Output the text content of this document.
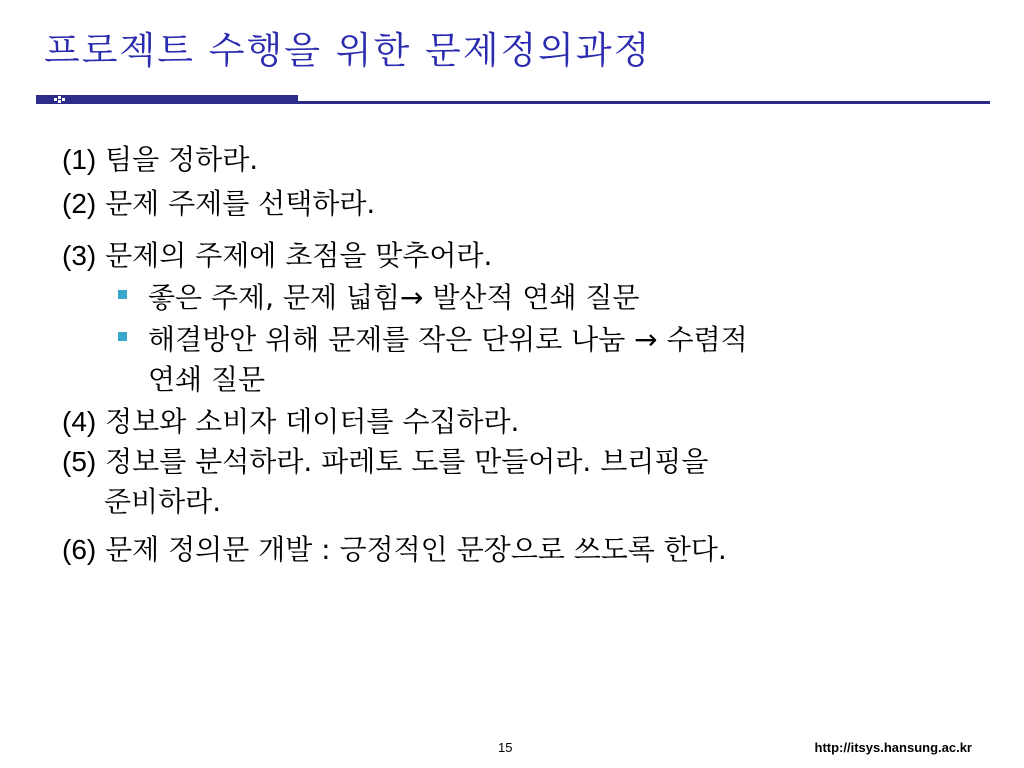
프로젝트 수행을 위한 문제정의과정
(1) 팀을 정하라.
(2) 문제 주제를 선택하라.
(3) 문제의 주제에 초점을 맞추어라.
좋은 주제, 문제 넓힘→ 발산적 연쇄 질문
해결방안 위해 문제를 작은 단위로 나눔 → 수렴적
연쇄 질문
(4) 정보와 소비자 데이터를 수집하라.
(5) 정보를 분석하라. 파레토 도를 만들어라. 브리핑을
준비하라.
(6) 문제 정의문 개발 : 긍정적인 문장으로 쓰도록 한다.
15	http://itsys.hansung.ac.kr
